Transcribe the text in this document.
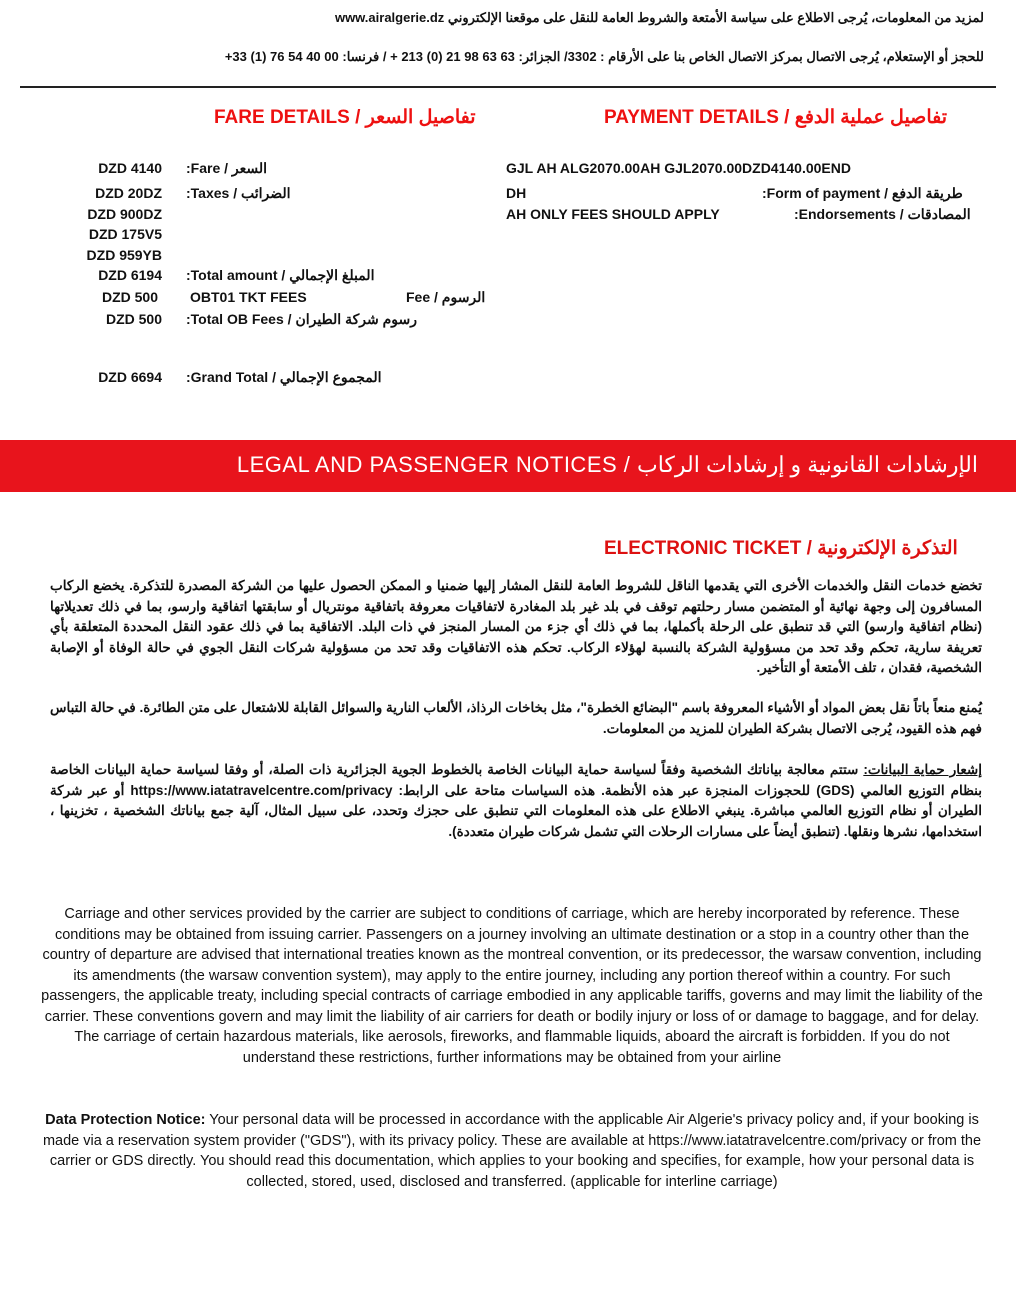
لمزيد من المعلومات، يُرجى الاطلاع على سياسة الأمتعة والشروط العامة للنقل على موقعنا الإلكتروني www.airalgerie.dz
للحجز أو الإستعلام، يُرجى الاتصال بمركز الاتصال الخاص بنا على الأرقام : 3302/ الجزائر: 63 63 98 21 (0) 213 + / فرنسا: 00 40 54 76 (1) 33+
PAYMENT DETAILS / تفاصيل عملية الدفع
FARE DETAILS / تفاصيل السعر
GJL AH ALG2070.00AH GJL2070.00DZD4140.00END
DH	:Form of payment / طريقة الدفع
AH ONLY FEES SHOULD APPLY	:Endorsements / المصادقات
DZD 4140 :Fare / السعر
DZD 20DZ :Taxes / الضرائب
DZD 900DZ
DZD 175V5
DZD 959YB
DZD 6194 :Total amount / المبلغ الإجمالي
DZD 500 OBT01 TKT FEES	Fee / الرسوم
DZD 500 :Total OB Fees / رسوم شركة الطيران
DZD 6694 :Grand Total / المجموع الإجمالي
LEGAL AND PASSENGER NOTICES / الإرشادات القانونية و إرشادات الركاب
ELECTRONIC TICKET / التذكرة الإلكترونية
تخضع خدمات النقل والخدمات الأخرى التي يقدمها الناقل للشروط العامة للنقل المشار إليها ضمنيا و الممكن الحصول عليها من الشركة المصدرة للتذكرة. يخضع الركاب المسافرون إلى وجهة نهائية أو المتضمن مسار رحلتهم توقف في بلد غير بلد المغادرة لاتفاقيات معروفة باتفاقية مونتريال أو سابقتها اتفاقية وارسو، بما في ذلك تعديلاتها (نظام اتفاقية وارسو) التي قد تنطبق على الرحلة بأكملها، بما في ذلك أي جزء من المسار المنجز في ذات البلد. الاتفاقية بما في ذلك عقود النقل المحددة المتعلقة بأي تعريفة سارية، تحكم وقد تحد من مسؤولية الشركة بالنسبة لهؤلاء الركاب. تحكم هذه الاتفاقيات وقد تحد من مسؤولية شركات النقل الجوي في حالة الوفاة أو الإصابة الشخصية، فقدان ، تلف الأمتعة أو التأخير.
يُمنع منعاً باتاً نقل بعض المواد أو الأشياء المعروفة باسم "البضائع الخطرة"، مثل بخاخات الرذاذ، الألعاب النارية والسوائل القابلة للاشتعال على متن الطائرة. في حالة التباس فهم هذه القيود، يُرجى الاتصال بشركة الطيران للمزيد من المعلومات.
إشعار حماية البيانات: ستتم معالجة بياناتك الشخصية وفقاً لسياسة حماية البيانات الخاصة بالخطوط الجوية الجزائرية ذات الصلة، أو وفقا لسياسة حماية البيانات الخاصة بنظام التوزيع العالمي (GDS) للحجوزات المنجزة عبر هذه الأنظمة. هذه السياسات متاحة على الرابط: https://www.iatatravelcentre.com/privacy أو عبر شركة الطيران أو نظام التوزيع العالمي مباشرة. ينبغي الاطلاع على هذه المعلومات التي تنطبق على حجزك وتحدد، على سبيل المثال، آلية جمع بياناتك الشخصية ، تخزينها ، استخدامها، نشرها ونقلها. (تنطبق أيضاً على مسارات الرحلات التي تشمل شركات طيران متعددة).
Carriage and other services provided by the carrier are subject to conditions of carriage, which are hereby incorporated by reference. These conditions may be obtained from issuing carrier. Passengers on a journey involving an ultimate destination or a stop in a country other than the country of departure are advised that international treaties known as the montreal convention, or its predecessor, the warsaw convention, including its amendments (the warsaw convention system), may apply to the entire journey, including any portion thereof within a country. For such passengers, the applicable treaty, including special contracts of carriage embodied in any applicable tariffs, governs and may limit the liability of the carrier. These conventions govern and may limit the liability of air carriers for death or bodily injury or loss of or damage to baggage, and for delay. The carriage of certain hazardous materials, like aerosols, fireworks, and flammable liquids, aboard the aircraft is forbidden. If you do not understand these restrictions, further informations may be obtained from your airline
Data Protection Notice: Your personal data will be processed in accordance with the applicable Air Algerie's privacy policy and, if your booking is made via a reservation system provider ("GDS"), with its privacy policy. These are available at https://www.iatatravelcentre.com/privacy or from the carrier or GDS directly. You should read this documentation, which applies to your booking and specifies, for example, how your personal data is collected, stored, used, disclosed and transferred. (applicable for interline carriage)
